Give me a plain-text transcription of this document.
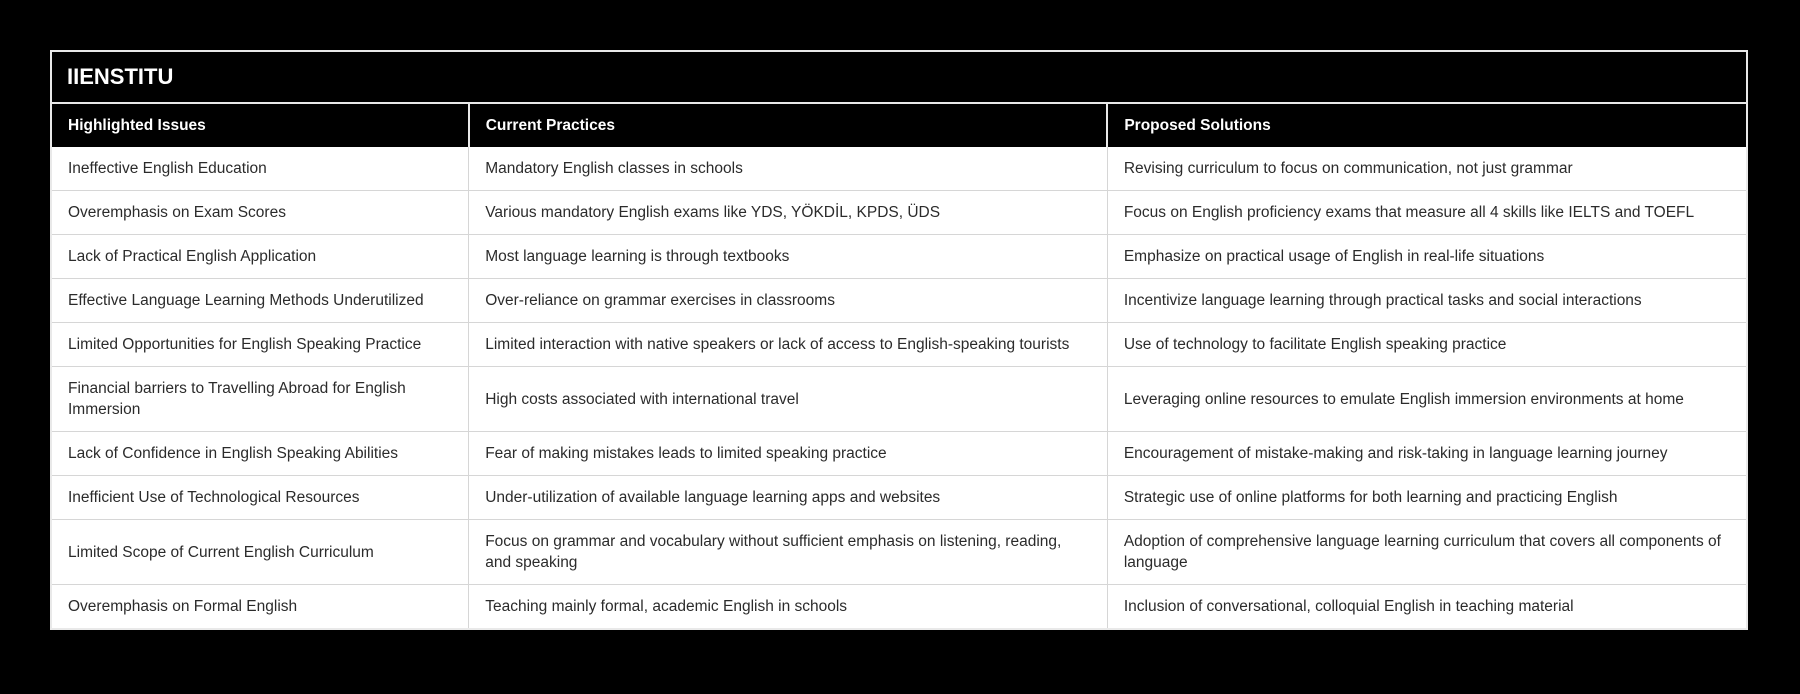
IIENSTITU
Highlighted Issues	Current Practices	Proposed Solutions
Ineffective English Education	Mandatory English classes in schools	Revising curriculum to focus on communication, not just grammar
Overemphasis on Exam Scores	Various mandatory English exams like YDS, YÖKDİL, KPDS, ÜDS	Focus on English proficiency exams that measure all 4 skills like IELTS and TOEFL
Lack of Practical English Application	Most language learning is through textbooks	Emphasize on practical usage of English in real-life situations
Effective Language Learning Methods Underutilized	Over-reliance on grammar exercises in classrooms	Incentivize language learning through practical tasks and social interactions
Limited Opportunities for English Speaking Practice	Limited interaction with native speakers or lack of access to English-speaking tourists	Use of technology to facilitate English speaking practice
Financial barriers to Travelling Abroad for English Immersion	High costs associated with international travel	Leveraging online resources to emulate English immersion environments at home
Lack of Confidence in English Speaking Abilities	Fear of making mistakes leads to limited speaking practice	Encouragement of mistake-making and risk-taking in language learning journey
Inefficient Use of Technological Resources	Under-utilization of available language learning apps and websites	Strategic use of online platforms for both learning and practicing English
Limited Scope of Current English Curriculum	Focus on grammar and vocabulary without sufficient emphasis on listening, reading, and speaking	Adoption of comprehensive language learning curriculum that covers all components of language
Overemphasis on Formal English	Teaching mainly formal, academic English in schools	Inclusion of conversational, colloquial English in teaching material
